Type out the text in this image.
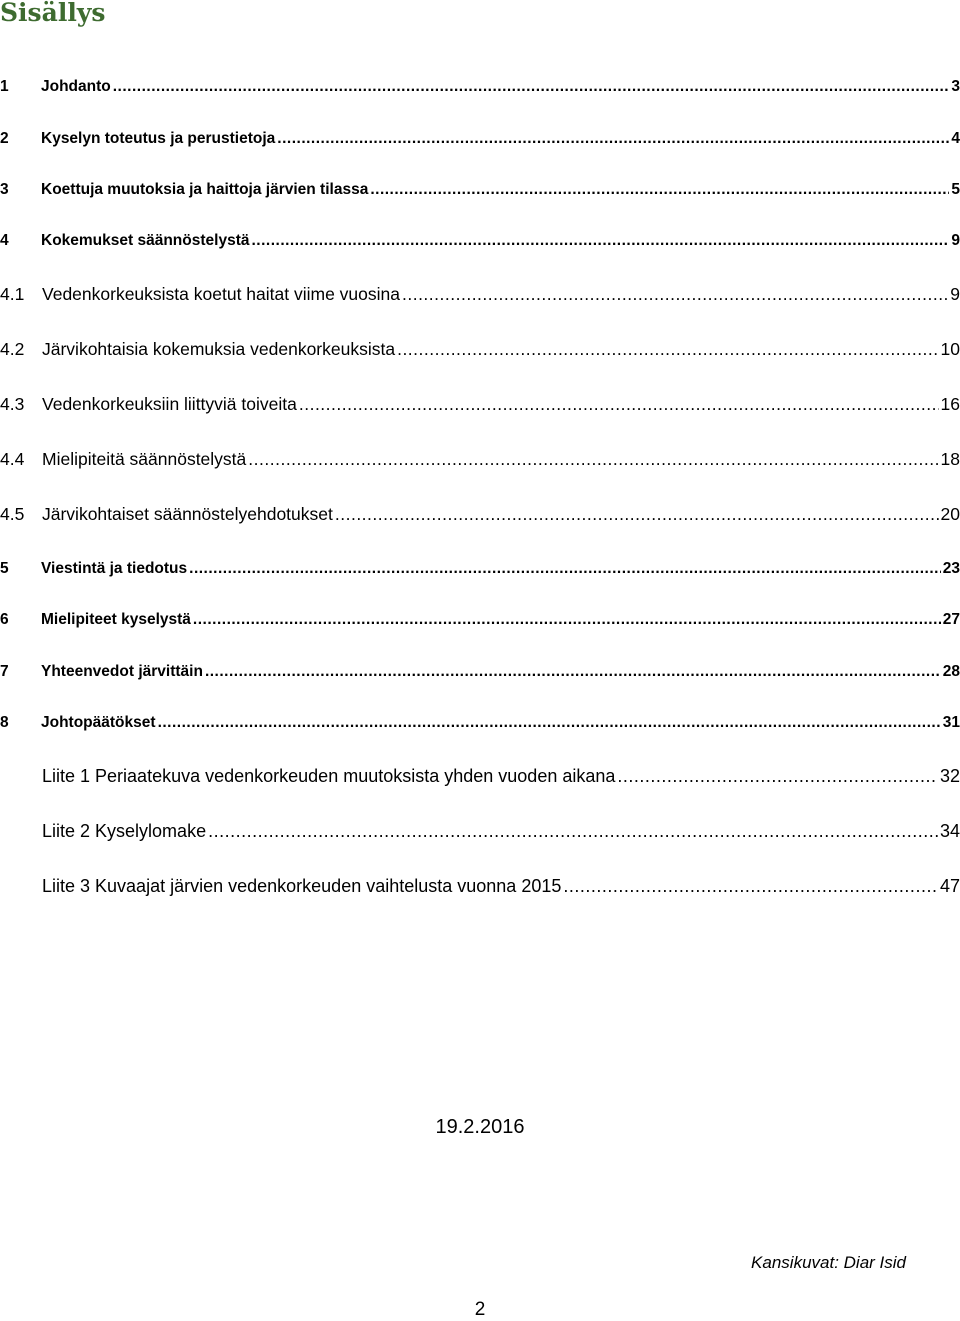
Sisällys
1	Johdanto .....	3
2	Kyselyn toteutus ja perustietoja .....	4
3	Koettuja muutoksia ja haittoja järvien tilassa .....	5
4	Kokemukset säännöstelystä .....	9
4.1	Vedenkorkeuksista koetut haitat viime vuosina .....	9
4.2	Järvikohtaisia kokemuksia vedenkorkeuksista .....	10
4.3	Vedenkorkeuksiin liittyviä toiveita .....	16
4.4	Mielipiteitä säännöstelystä .....	18
4.5	Järvikohtaiset säännöstelyehdotukset .....	20
5	Viestintä ja tiedotus .....	23
6	Mielipiteet kyselystä .....	27
7	Yhteenvedot järvittäin .....	28
8	Johtopäätökset .....	31
Liite 1 Periaatekuva vedenkorkeuden muutoksista yhden vuoden aikana .....	32
Liite 2 Kyselylomake .....	34
Liite 3 Kuvaajat järvien vedenkorkeuden vaihtelusta vuonna 2015 .....	47
19.2.2016
Kansikuvat: Diar Isid
2
